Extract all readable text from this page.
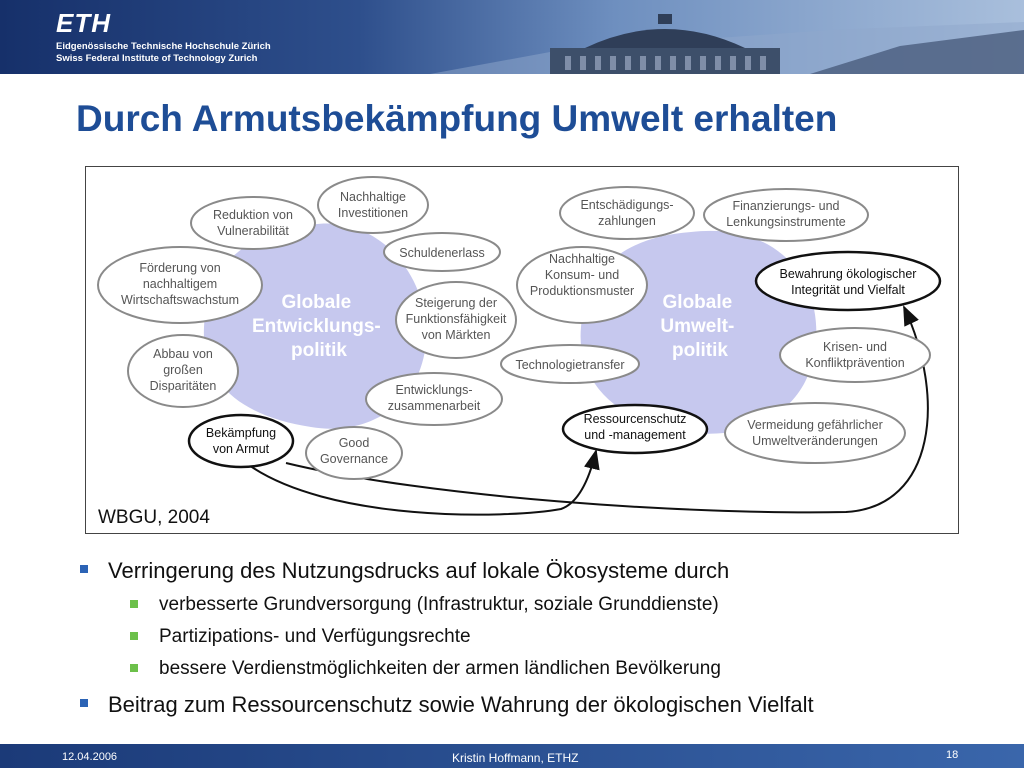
ETH
Eidgenössische Technische Hochschule Zürich
Swiss Federal Institute of Technology Zurich
Durch Armutsbekämpfung Umwelt erhalten
Globale Entwicklungs- politik
Globale Umwelt- politik
Nachhaltige Investitionen
Reduktion von Vulnerabilität
Schuldenerlass
Förderung von nachhaltigem Wirtschaftswachstum	Steigerung der Funktionsfähigkeit von Märkten
Abbau von großen Disparitäten	Entwicklungs-zusammenarbeit
Bekämpfung von Armut	Good Governance
Entschädigungs-zahlungen
Finanzierungs- und Lenkungsinstrumente
Nachhaltige Konsum- und Produktionsmuster
Bewahrung ökologischer Integrität und Vielfalt
Technologietransfer
Krisen- und Konfliktprävention
Ressourcenschutz und -management
Vermeidung gefährlicher Umweltveränderungen
WBGU, 2004
Verringerung des Nutzungsdrucks auf lokale Ökosysteme durch
verbesserte Grundversorgung (Infrastruktur, soziale Grunddienste)
Partizipations- und Verfügungsrechte
bessere Verdienstmöglichkeiten der armen ländlichen Bevölkerung
Beitrag zum Ressourcenschutz sowie Wahrung der ökologischen Vielfalt
12.04.2006	Kristin Hoffmann, ETHZ	18
